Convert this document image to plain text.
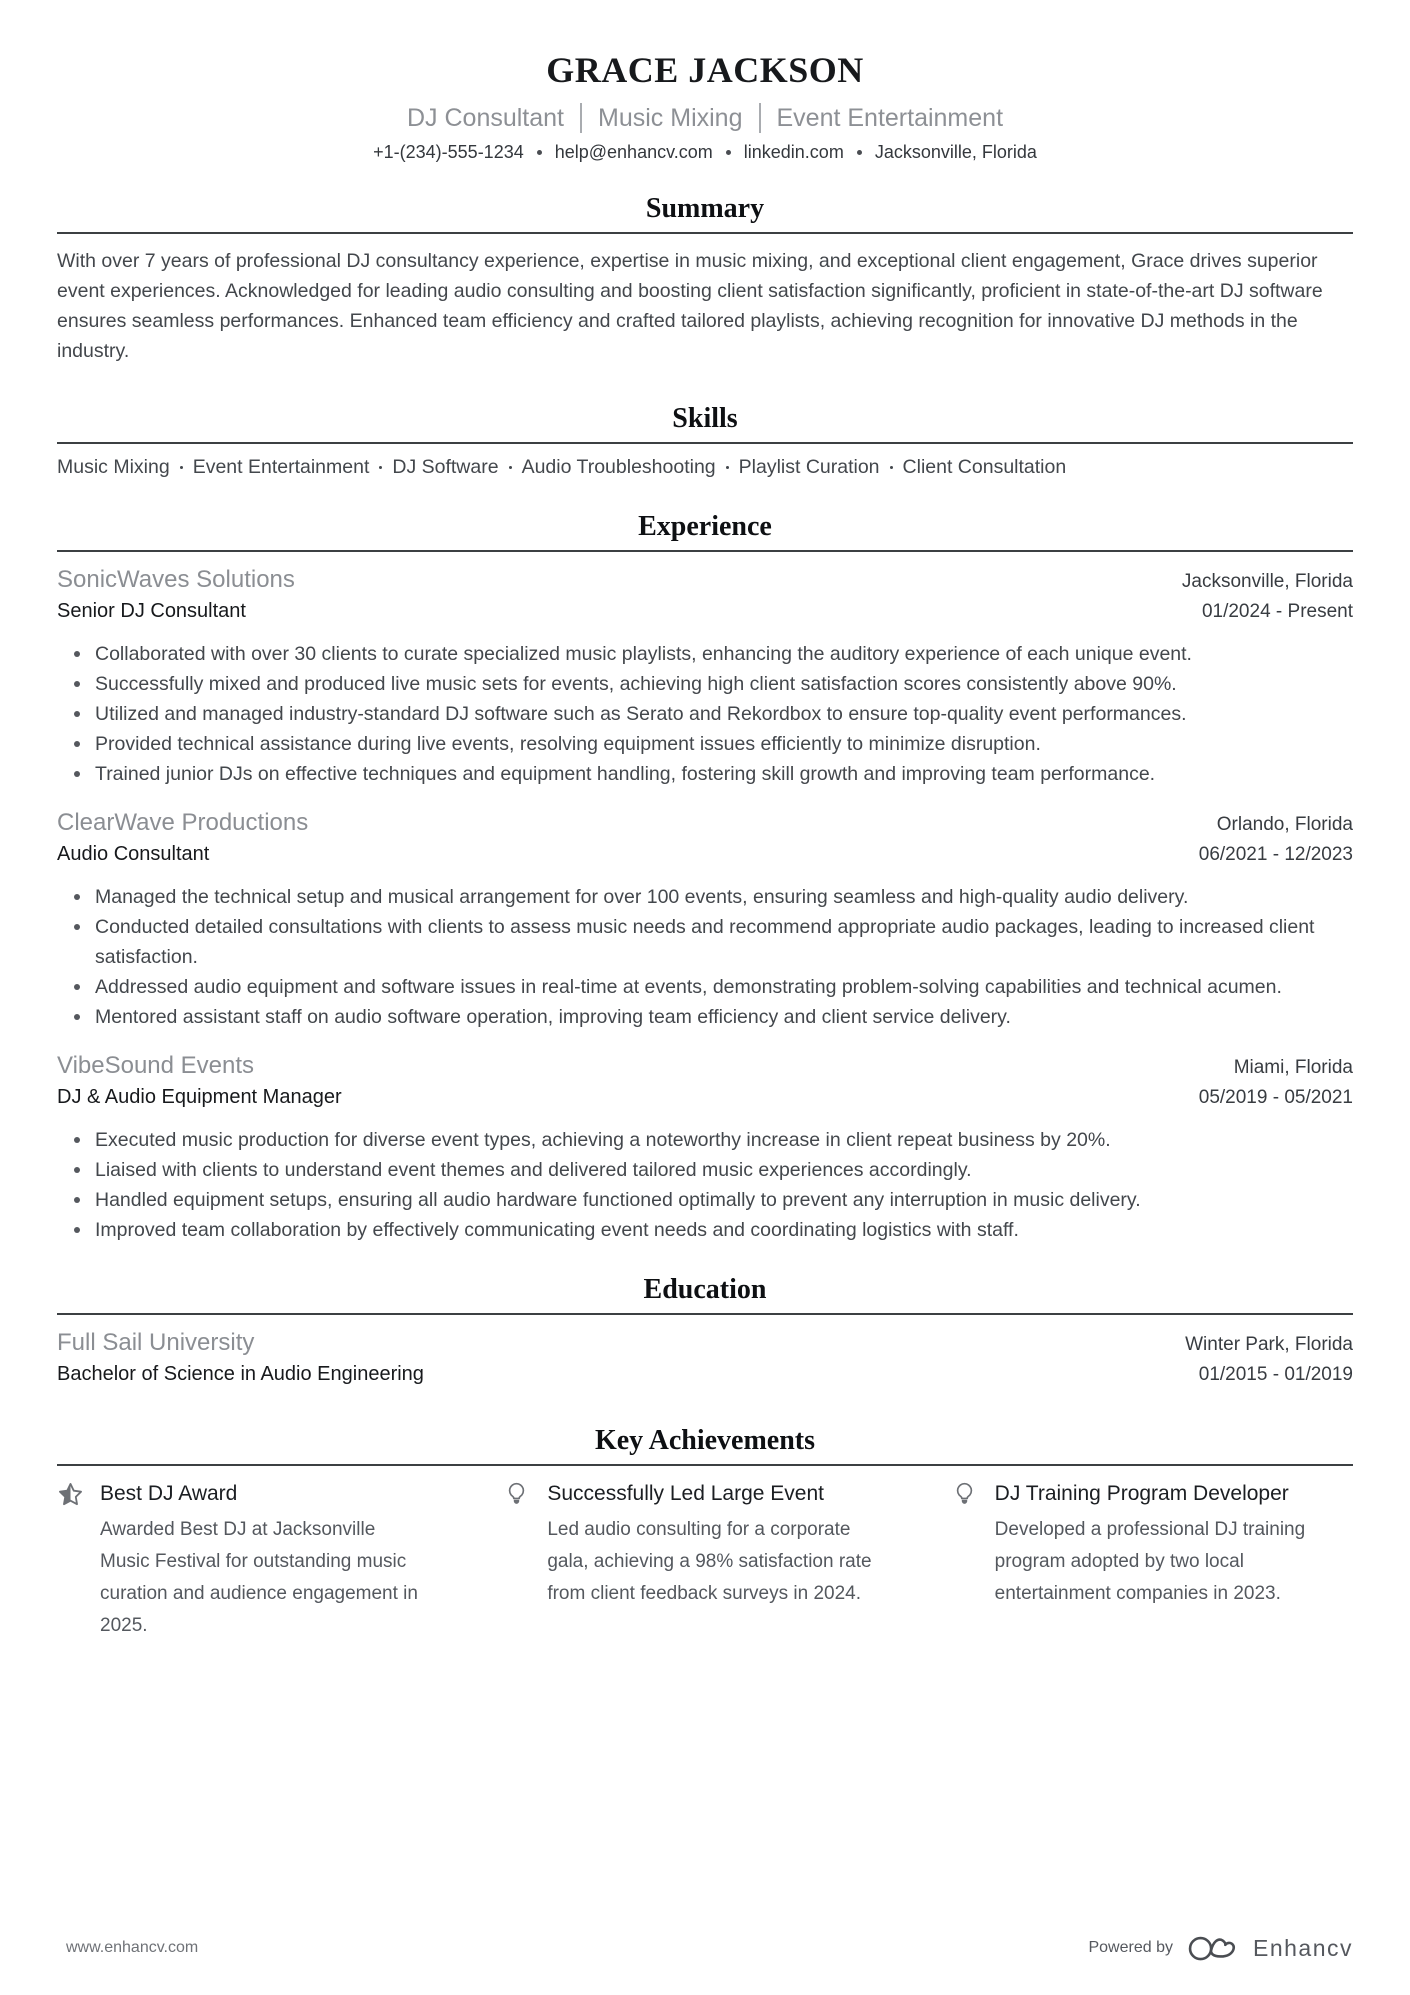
GRACE JACKSON
DJ Consultant Music Mixing Event Entertainment
+1-(234)-555-1234 help@enhancv.com linkedin.com Jacksonville, Florida
Summary

With over 7 years of professional DJ consultancy experience, expertise in music mixing, and exceptional client engagement, Grace drives superior event experiences. Acknowledged for leading audio consulting and boosting client satisfaction significantly, proficient in state-of-the-art DJ software ensures seamless performances. Enhanced team efficiency and crafted tailored playlists, achieving recognition for innovative DJ methods in the industry.

Skills
Music Mixing Event Entertainment DJ Software Audio Troubleshooting Playlist Curation Client Consultation
Experience
SonicWaves Solutions	Jacksonville, Florida
Senior DJ Consultant	01/2024 - Present
Collaborated with over 30 clients to curate specialized music playlists, enhancing the auditory experience of each unique event.
Successfully mixed and produced live music sets for events, achieving high client satisfaction scores consistently above 90%.
Utilized and managed industry-standard DJ software such as Serato and Rekordbox to ensure top-quality event performances.
Provided technical assistance during live events, resolving equipment issues efficiently to minimize disruption.
Trained junior DJs on effective techniques and equipment handling, fostering skill growth and improving team performance.
ClearWave Productions	Orlando, Florida
Audio Consultant	06/2021 - 12/2023
Managed the technical setup and musical arrangement for over 100 events, ensuring seamless and high-quality audio delivery.
Conducted detailed consultations with clients to assess music needs and recommend appropriate audio packages, leading to increased client satisfaction.
Addressed audio equipment and software issues in real-time at events, demonstrating problem-solving capabilities and technical acumen.
Mentored assistant staff on audio software operation, improving team efficiency and client service delivery.
VibeSound Events	Miami, Florida
DJ & Audio Equipment Manager	05/2019 - 05/2021
Executed music production for diverse event types, achieving a noteworthy increase in client repeat business by 20%.
Liaised with clients to understand event themes and delivered tailored music experiences accordingly.
Handled equipment setups, ensuring all audio hardware functioned optimally to prevent any interruption in music delivery.
Improved team collaboration by effectively communicating event needs and coordinating logistics with staff.
Education
Full Sail University	Winter Park, Florida
Bachelor of Science in Audio Engineering	01/2015 - 01/2019
Key Achievements
Best DJ Award

Awarded Best DJ at Jacksonville Music Festival for outstanding music curation and audience engagement in 2025.

Successfully Led Large Event

Led audio consulting for a corporate gala, achieving a 98% satisfaction rate from client feedback surveys in 2024.

DJ Training Program Developer

Developed a professional DJ training program adopted by two local entertainment companies in 2023.

www.enhancv.com	Powered by	Enhancv
